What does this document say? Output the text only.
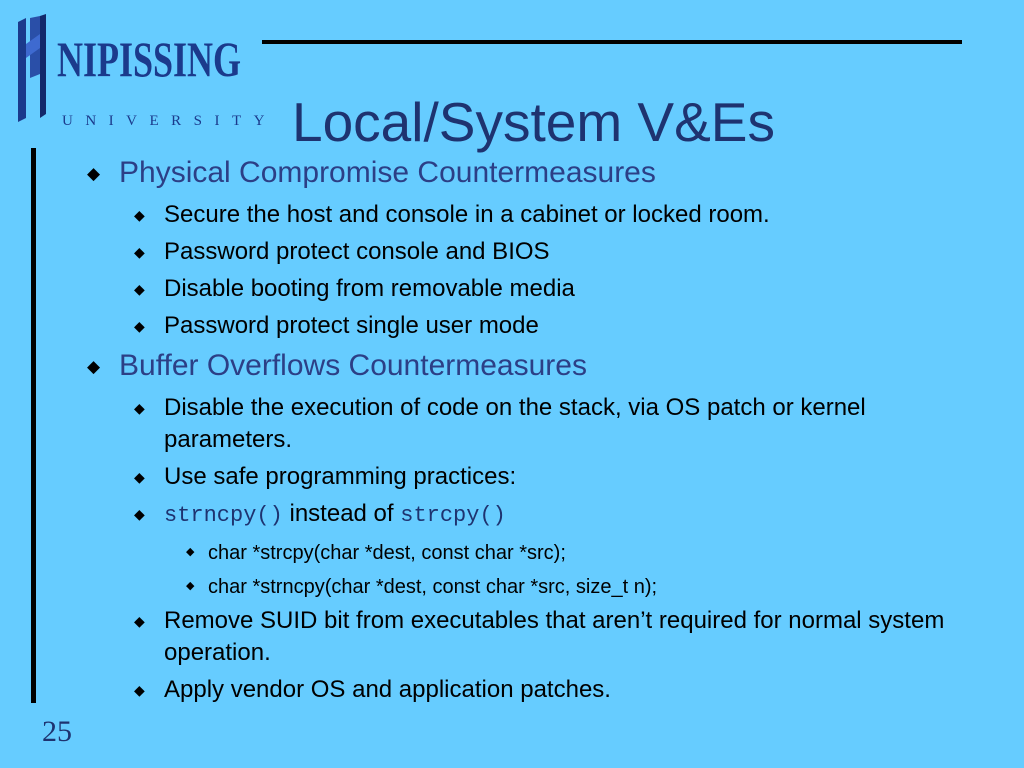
NIPISSING
UNIVERSITY Local/System V&Es
◆ Physical Compromise Countermeasures
◆ Secure the host and console in a cabinet or locked room.
◆ Password protect console and BIOS
◆ Disable booting from removable media
◆ Password protect single user mode
◆ Buffer Overflows Countermeasures
◆ Disable the execution of code on the stack, via OS patch or kernel parameters.
◆ Use safe programming practices:
◆ strncpy() instead of strcpy()
◆ char *strcpy(char *dest, const char *src);
◆ char *strncpy(char *dest, const char *src, size_t n);
◆ Remove SUID bit from executables that aren’t required for normal system operation.
◆ Apply vendor OS and application patches.
25
